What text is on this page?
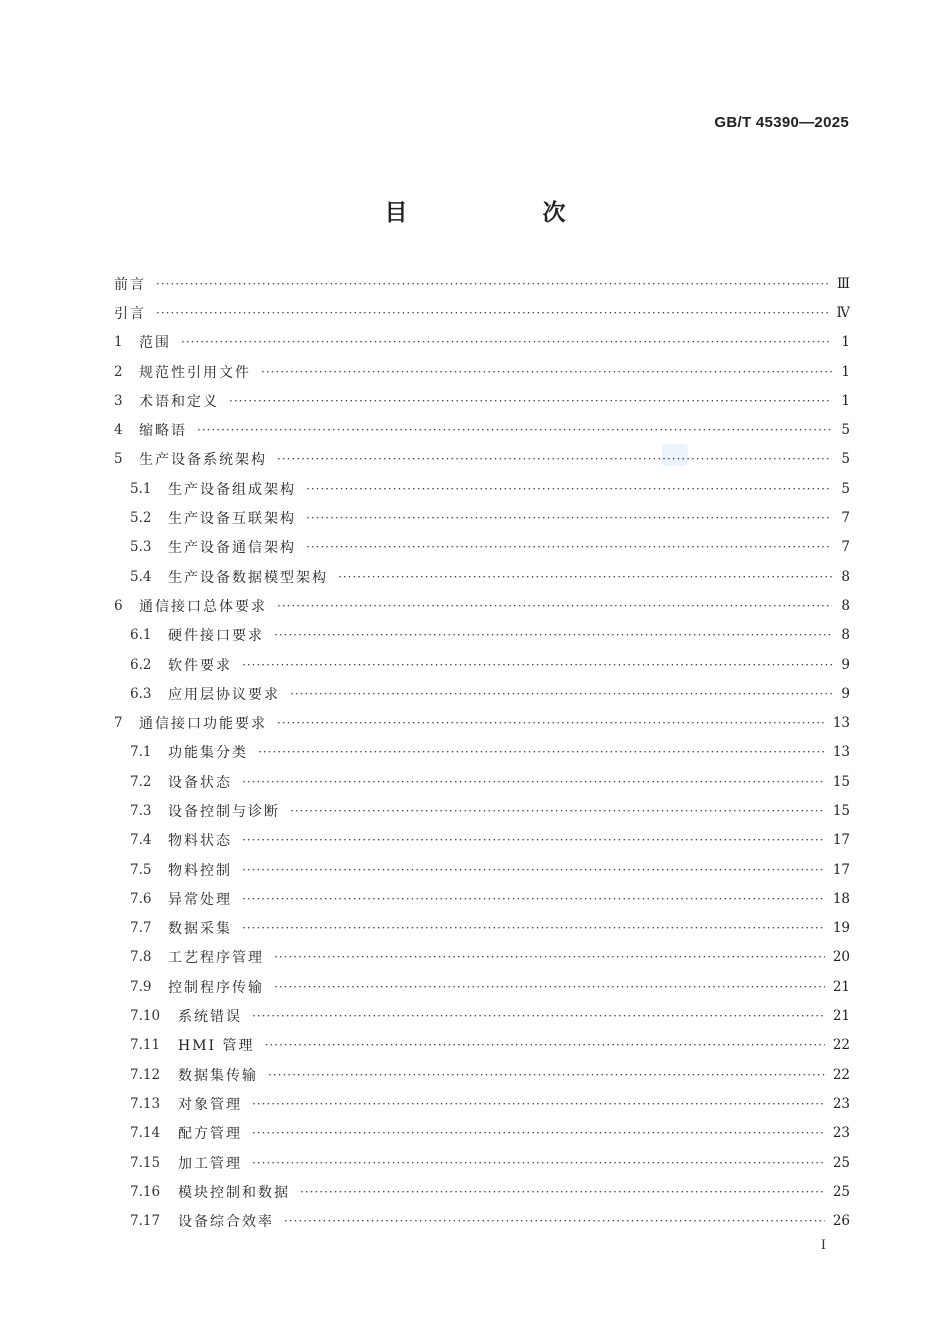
GB/T 45390—2025
目　次
前言 ·····	Ⅲ
引言 ·····	Ⅳ
1	范围 ·····	1
2	规范性引用文件 ·····	1
3	术语和定义 ·····	1
4	缩略语 ·····	5
5	生产设备系统架构 ·····	5
5.1	生产设备组成架构 ·····	5
5.2	生产设备互联架构 ·····	7
5.3	生产设备通信架构 ·····	7
5.4	生产设备数据模型架构 ·····	8
6	通信接口总体要求 ·····	8
6.1	硬件接口要求 ·····	8
6.2	软件要求 ·····	9
6.3	应用层协议要求 ·····	9
7	通信接口功能要求 ·····	13
7.1	功能集分类 ·····	13
7.2	设备状态 ·····	15
7.3	设备控制与诊断 ·····	15
7.4	物料状态 ·····	17
7.5	物料控制 ·····	17
7.6	异常处理 ·····	18
7.7	数据采集 ·····	19
7.8	工艺程序管理 ·····	20
7.9	控制程序传输 ·····	21
7.10	系统错误 ·····	21
7.11	HMI 管理 ·····	22
7.12	数据集传输 ·····	22
7.13	对象管理 ·····	23
7.14	配方管理 ·····	23
7.15	加工管理 ·····	25
7.16	模块控制和数据 ·····	25
7.17	设备综合效率 ·····	26
I
